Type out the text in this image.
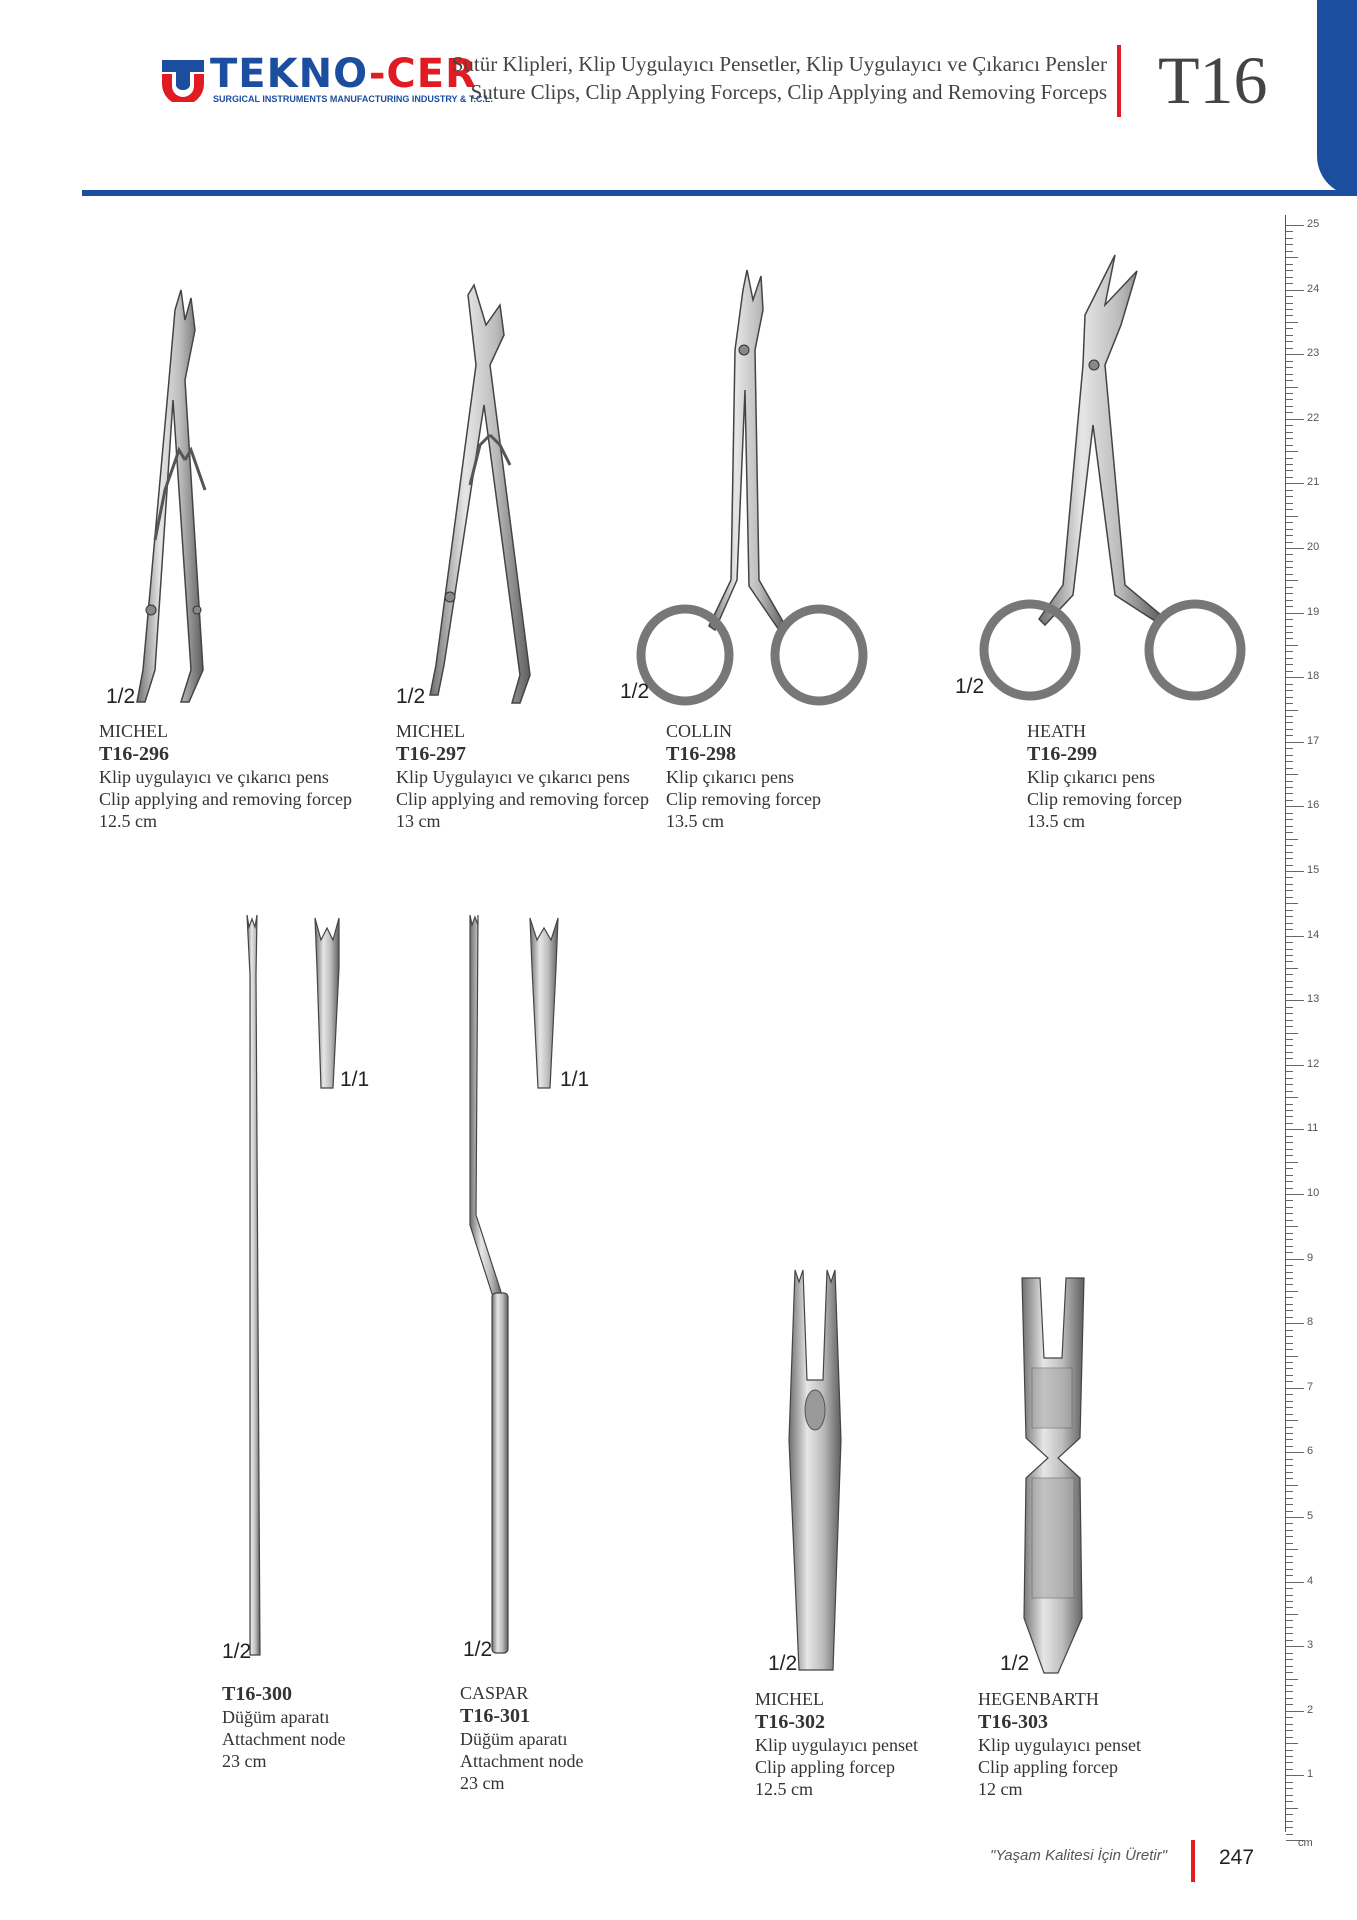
TEKNO-CER
SURGICAL INSTRUMENTS MANUFACTURING INDUSTRY & T.C.L.
Sutür Klipleri, Klip Uygulayıcı Pensetler, Klip Uygulayıcı ve Çıkarıcı Pensler
Suture Clips, Clip Applying Forceps, Clip Applying and Removing Forceps T16
25
24
23
22
21
20
19
18
17
16
15
14
13
12
11
10
9
8
7
6
5
4
3
2
1
cm
1/2	1/2	1/2	1/2
1/1
1/2
1/1
1/2
1/2	1/2
MICHEL
T16-296
Klip uygulayıcı ve çıkarıcı pens
Clip applying and removing forcep
12.5 cm
MICHEL
T16-297
Klip Uygulayıcı ve çıkarıcı pens
Clip applying and removing forcep
13 cm
COLLIN
T16-298
Klip çıkarıcı pens
Clip removing forcep
13.5 cm
HEATH
T16-299
Klip çıkarıcı pens
Clip removing forcep
13.5 cm
T16-300
Düğüm aparatı
Attachment node
23 cm
CASPAR
T16-301
Düğüm aparatı
Attachment node
23 cm
MICHEL
T16-302
Klip uygulayıcı penset
Clip appling forcep
12.5 cm
HEGENBARTH
T16-303
Klip uygulayıcı penset
Clip appling forcep
12 cm
"Yaşam Kalitesi İçin Üretir" 247
